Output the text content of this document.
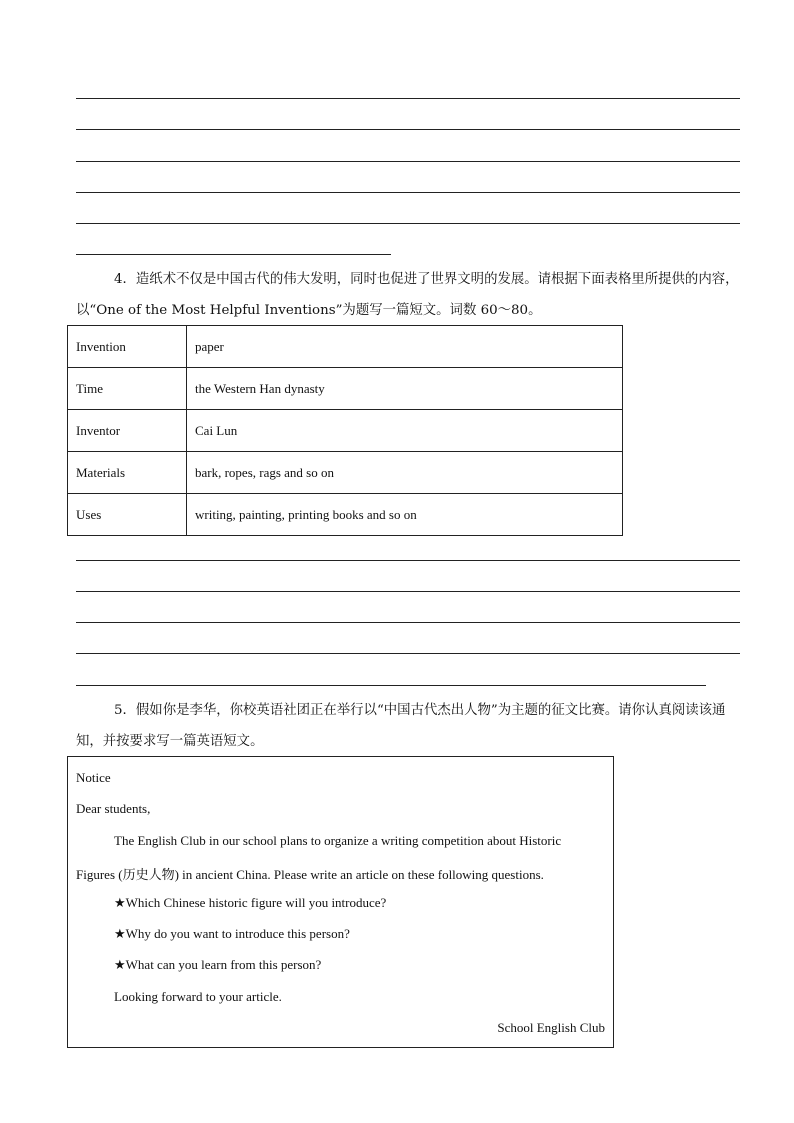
4．造纸术不仅是中国古代的伟大发明，同时也促进了世界文明的发展。请根据下面表格里所提供的内容，
以“One of the Most Helpful Inventions”为题写一篇短文。词数 60～80。
Invention	paper
Time	the Western Han dynasty
Inventor	Cai Lun
Materials	bark, ropes, rags and so on
Uses	writing, painting, printing books and so on
5．假如你是李华，你校英语社团正在举行以“中国古代杰出人物”为主题的征文比赛。请你认真阅读该通
知，并按要求写一篇英语短文。
Notice
Dear students,
The English Club in our school plans to organize a writing competition about Historic
Figures (历史人物) in ancient China. Please write an article on these following questions.
★Which Chinese historic figure will you introduce?
★Why do you want to introduce this person?
★What can you learn from this person?
Looking forward to your article.
School English Club
